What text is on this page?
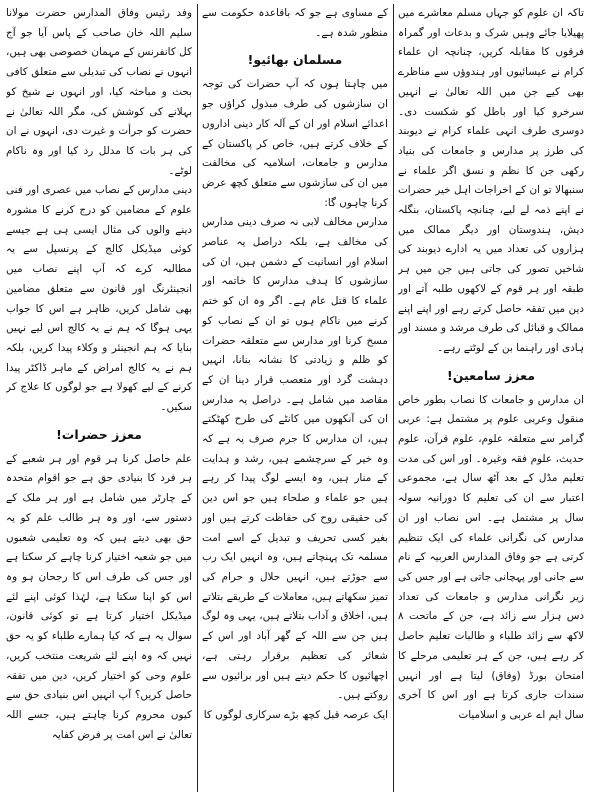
تاکہ ان علوم کو جہاں مسلم معاشرے میں پھیلایا جائے وہیں شرک و بدعات اور گمراہ فرقوں کا مقابلہ کریں، چنانچہ ان علماء کرام نے عیسائیوں اور ہندوؤں سے مناظرے بھی کیے جن میں اللہ تعالیٰ نے انہیں سرخرو کیا اور باطل کو شکست دی۔ دوسری طرف انہی علماء کرام نے دیوبند کی طرز پر مدارس و جامعات کی بنیاد رکھی جن کا نظم و نسق اگر علماء نے سنبھالا تو ان کے اخراجات اہل خیر حضرات نے اپنے ذمہ لے لیے، چنانچہ پاکستان، بنگلہ دیش، ہندوستان اور دیگر ممالک میں ہزاروں کی تعداد میں یہ ادارے دیوبند کی شاخیں تصور کی جاتی ہیں جن میں ہر طبقہ اور ہر قوم کے لاکھوں طلبہ آتے اور دین میں تفقہ حاصل کرتے رہے اور اپنے اپنے ممالک و قبائل کی طرف مرشد و مسند اور ہادی اور راہنما بن کے لوٹتے رہے۔

معزز سامعین!

ان مدارس و جامعات کا نصاب بطور خاص منقول وعربی علوم پر مشتمل ہے: عربی گرامر سے متعلقہ علوم، علوم قرآن، علوم حدیث، علوم فقہ وغیرہ۔ اور اس کی مدت تعلیم مڈل کے بعد آٹھ سال ہے، مجموعی اعتبار سے ان کی تعلیم کا دورانیہ سولہ سال پر مشتمل ہے۔ اس نصاب اور ان مدارس کی نگرانی علماء کی ایک تنظیم کرتی ہے جو وفاق المدارس العربیہ کے نام سے جانی اور پہچانی جاتی ہے اور جس کی زیر نگرانی مدارس و جامعات کی تعداد دس ہزار سے زائد ہے، جن کے ماتحت ۸ لاکھ سے زائد طلباء و طالبات تعلیم حاصل کر رہے ہیں، جن کے ہر تعلیمی مرحلے کا امتحان بورڈ (وفاق) لیتا ہے اور انہیں سندات جاری کرتا ہے اور اس کا آخری سال ایم اے عربی و اسلامیات

کے مساوی ہے جو کہ باقاعدہ حکومت سے منظور شدہ ہے۔

مسلمان بھائیو!

میں چاہتا ہوں کہ آپ حضرات کی توجہ ان سازشوں کی طرف مبذول کراؤں جو اعدائے اسلام اور ان کے آلہ کار دینی اداروں کے خلاف کرتے ہیں، خاص کر پاکستان کے مدارس و جامعات، اسلامیہ کی مخالفت میں ان کی سازشوں سے متعلق کچھ عرض کرنا چاہوں گا:

مدارس مخالف لابی نہ صرف دینی مدارس کی مخالف ہے، بلکہ دراصل یہ عناصر اسلام اور انسانیت کے دشمن ہیں، ان کی سازشوں کا ہدف مدارس کا خاتمہ اور علماء کا قتل عام ہے۔ اگر وہ ان کو ختم کرنے میں ناکام ہوں تو ان کے نصاب کو مسخ کرنا اور مدارس سے متعلقہ حضرات کو ظلم و زیادتی کا نشانہ بنانا، انہیں دہشت گرد اور متعصب قرار دینا ان کے مقاصد میں شامل ہے۔ دراصل یہ مدارس ان کی آنکھوں میں کانٹے کی طرح کھٹکتے ہیں، ان مدارس کا جرم صرف یہ ہے کہ وہ خیر کے سرچشمے ہیں، رشد و ہدایت کے منار ہیں، وہ ایسے لوگ پیدا کر رہے ہیں جو علماء و صلحاء ہیں جو اس دین کی حقیقی روح کی حفاظت کرتے ہیں اور بغیر کسی تحریف و تبدیل کے اسے امت مسلمہ تک پہنچاتے ہیں، وہ انہیں ایک رب سے جوڑتے ہیں، انہیں حلال و حرام کی تمیز سکھاتے ہیں، معاملات کے طریقے بتلاتے ہیں، اخلاق و آداب بتلاتے ہیں، یہی وہ لوگ ہیں جن سے اللہ کے گھر آباد اور اس کے شعائر کی تعظیم برقرار رہتی ہے، اچھائیوں کا حکم دیتے ہیں اور برائیوں سے روکتے ہیں۔

ایک عرصہ قبل کچھ بڑے سرکاری لوگوں کا

وفد رئیس وفاق المدارس حضرت مولانا سلیم اللہ خان صاحب کے پاس آیا جو آج کل کانفرنس کے مہمان خصوصی بھی ہیں، انہوں نے نصاب کی تبدیلی سے متعلق کافی بحث و مباحثہ کیا، اور انہوں نے شیخ کو بہلانے کی کوشش کی، مگر اللہ تعالیٰ نے حضرت کو جرأت و غیرت دی، انہوں نے ان کی ہر بات کا مدلل رد کیا اور وہ ناکام لوٹے۔

دینی مدارس کے نصاب میں عصری اور فنی علوم کے مضامین کو درج کرنے کا مشورہ دینے والوں کی مثال ایسی ہی ہے جیسے کوئی میڈیکل کالج کے پرنسپل سے یہ مطالبہ کرے کہ آپ اپنے نصاب میں انجینئرنگ اور قانون سے متعلق مضامین بھی شامل کریں، ظاہر ہے اس کا جواب یہی ہوگا کہ ہم نے یہ کالج اس لیے نہیں بنایا کہ ہم انجینئر و وکلاء پیدا کریں، بلکہ ہم نے یہ کالج امراض کے ماہر ڈاکٹر پیدا کرنے کے لیے کھولا ہے جو لوگوں کا علاج کر سکیں۔

معزز حضرات!

علم حاصل کرنا ہر قوم اور ہر شعبے کے ہر فرد کا بنیادی حق ہے جو اقوام متحدہ کے چارٹر میں شامل ہے اور ہر ملک کے دستور سے، اور وہ ہر طالب علم کو یہ حق بھی دیتے ہیں کہ وہ تعلیمی شعبوں میں جو شعبہ اختیار کرنا چاہے کر سکتا ہے اور جس کی طرف اس کا رجحان ہو وہ اس کو اپنا سکتا ہے، لہٰذا کوئی اپنے لئے میڈیکل اختیار کرتا ہے تو کوئی قانون، سوال یہ ہے کہ کیا ہمارے طلباء کو یہ حق نہیں کہ وہ اپنے لئے شریعت منتخب کریں، علوم وحی کو اختیار کریں، دین میں تفقہ حاصل کریں؟ آپ انہیں اس بنیادی حق سے کیوں محروم کرنا چاہتے ہیں، جسے اللہ تعالیٰ نے اس امت پر فرض کفایہ
